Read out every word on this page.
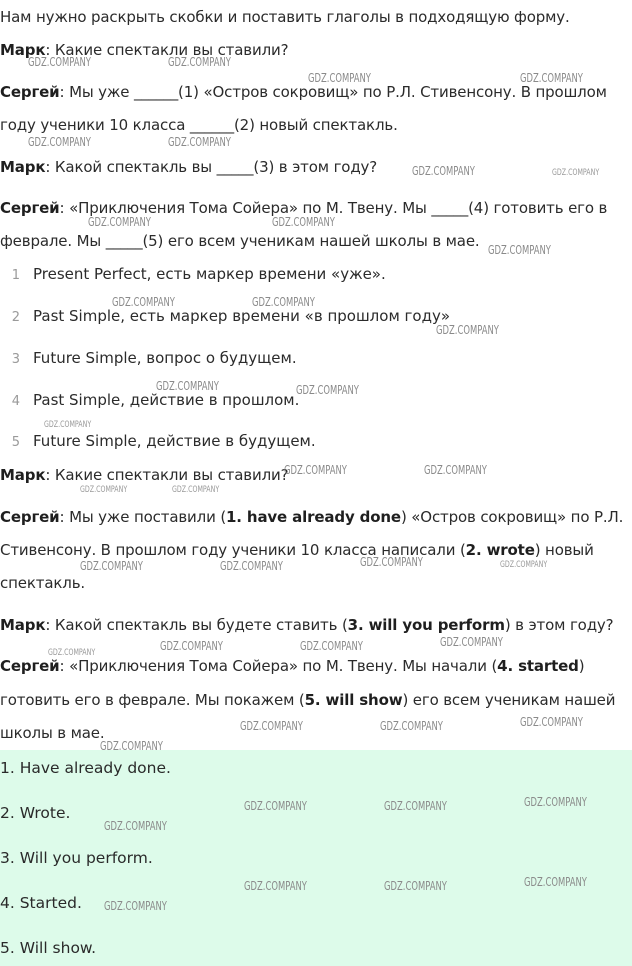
Нам нужно раскрыть скобки и поставить глаголы в подходящую форму.
Марк: Какие спектакли вы ставили?
Сергей: Мы уже ______(1) «Остров сокровищ» по Р.Л. Стивенсону. В прошлом
году ученики 10 класса ______(2) новый спектакль.
Марк: Какой спектакль вы _____(3) в этом году?
Сергей: «Приключения Тома Сойера» по М. Твену. Мы _____(4) готовить его в
феврале. Мы _____(5) его всем ученикам нашей школы в мае.
1 Present Perfect, есть маркер времени «уже».
2 Past Simple, есть маркер времени «в прошлом году»
3 Future Simple, вопрос о будущем.
4 Past Simple, действие в прошлом.
5 Future Simple, действие в будущем.
Марк: Какие спектакли вы ставили?
Сергей: Мы уже поставили (1. have already done) «Остров сокровищ» по Р.Л.
Стивенсону. В прошлом году ученики 10 класса написали (2. wrote) новый
спектакль.
Марк: Какой спектакль вы будете ставить (3. will you perform) в этом году?
Сергей: «Приключения Тома Сойера» по М. Твену. Мы начали (4. started)
готовить его в феврале. Мы покажем (5. will show) его всем ученикам нашей
школы в мае.
1. Have already done.
2. Wrote.
3. Will you perform.
4. Started.
5. Will show.
GDZ.COMPANY	GDZ.COMPANY
GDZ.COMPANY	GDZ.COMPANY
GDZ.COMPANY	GDZ.COMPANY
GDZ.COMPANY	GDZ.COMPANY
GDZ.COMPANY	GDZ.COMPANY
GDZ.COMPANY
GDZ.COMPANY	GDZ.COMPANY
GDZ.COMPANY
GDZ.COMPANY	GDZ.COMPANY
GDZ.COMPANY
GDZ.COMPANY	GDZ.COMPANY
GDZ.COMPANY	GDZ.COMPANY
GDZ.COMPANY	GDZ.COMPANY	GDZ.COMPANY	GDZ.COMPANY
GDZ.COMPANY	GDZ.COMPANY	GDZ.COMPANY
GDZ.COMPANY
GDZ.COMPANY	GDZ.COMPANY	GDZ.COMPANY
GDZ.COMPANY
GDZ.COMPANY	GDZ.COMPANY	GDZ.COMPANY
GDZ.COMPANY
GDZ.COMPANY	GDZ.COMPANY	GDZ.COMPANY
GDZ.COMPANY
